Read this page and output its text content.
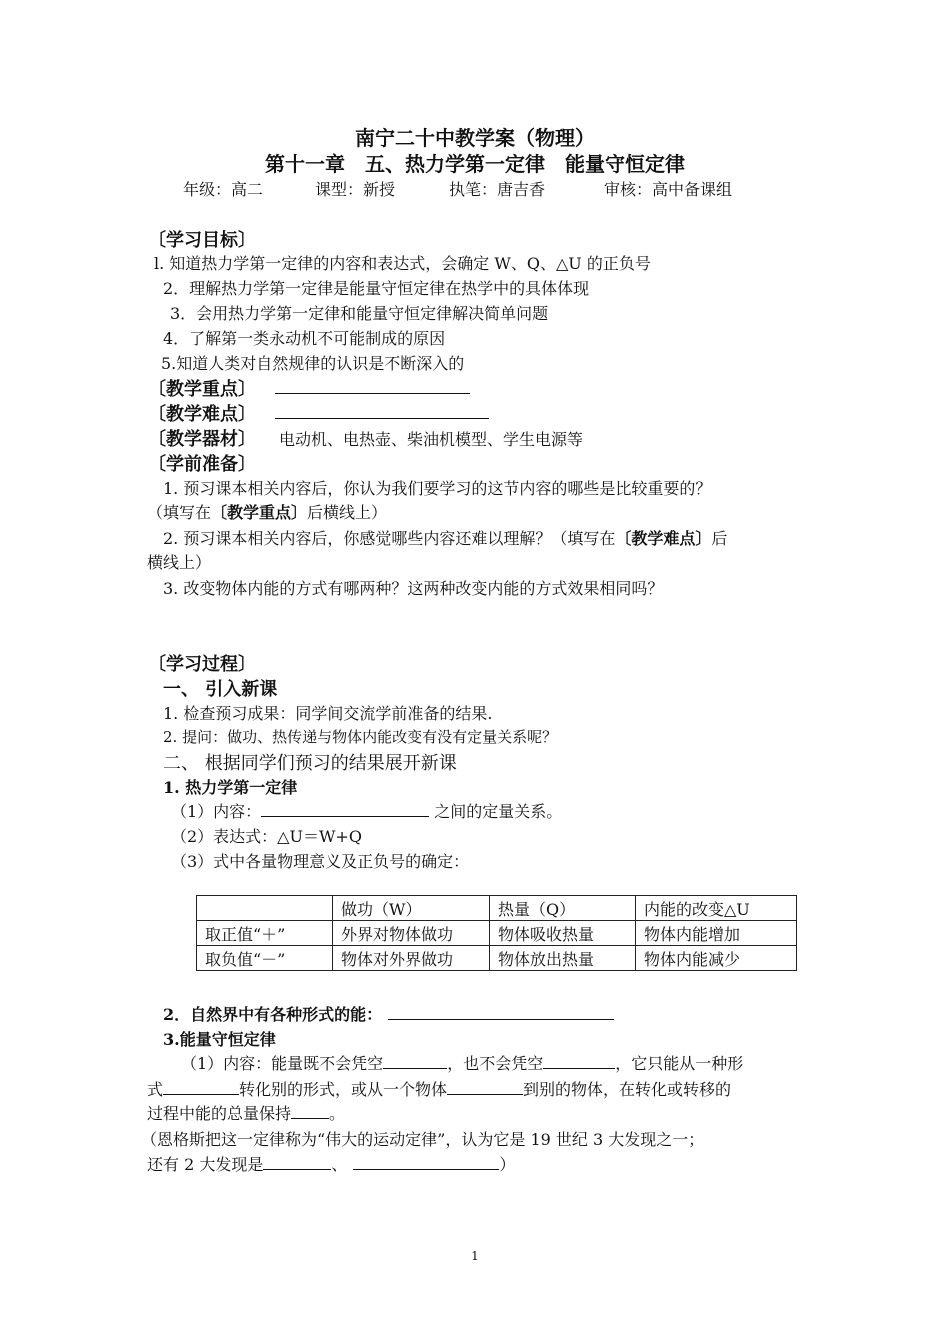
南宁二十中教学案（物理）
第十一章　五、热力学第一定律　能量守恒定律
年级：高二	课型：新授	执笔：唐吉香	审核：高中备课组
〔学习目标〕
l. 知道热力学第一定律的内容和表达式，会确定 W、Q、△U 的正负号
2．理解热力学第一定律是能量守恒定律在热学中的具体体现
3．会用热力学第一定律和能量守恒定律解决简单问题
4．了解第一类永动机不可能制成的原因
5.知道人类对自然规律的认识是不断深入的
〔教学重点〕
〔教学难点〕
〔教学器材〕 电动机、电热壶、柴油机模型、学生电源等
〔学前准备〕
1. 预习课本相关内容后，你认为我们要学习的这节内容的哪些是比较重要的？
（填写在〔教学重点〕后横线上）
2. 预习课本相关内容后，你感觉哪些内容还难以理解？（填写在〔教学难点〕后
横线上）
3. 改变物体内能的方式有哪两种？这两种改变内能的方式效果相同吗？
〔学习过程〕
一、 引入新课
1. 检查预习成果：同学间交流学前准备的结果.
2. 提问：做功、热传递与物体内能改变有没有定量关系呢？
二、 根据同学们预习的结果展开新课
1. 热力学第一定律
（1）内容：	之间的定量关系。
（2）表达式：△U＝W+Q
（3）式中各量物理意义及正负号的确定：
	做功（W）	热量（Q）	内能的改变△U
取正值“＋”	外界对物体做功	物体吸收热量	物体内能增加
取负值“－”	物体对外界做功	物体放出热量	物体内能减少
2．自然界中有各种形式的能：
3.能量守恒定律
（1）内容：能量既不会凭空	，也不会凭空	，它只能从一种形
式	转化别的形式，或从一个物体	到别的物体，在转化或转移的
过程中能的总量保持 。
（恩格斯把这一定律称为“伟大的运动定律”，认为它是 19 世纪 3 大发现之一；
还有 2 大发现是	、	）
1
